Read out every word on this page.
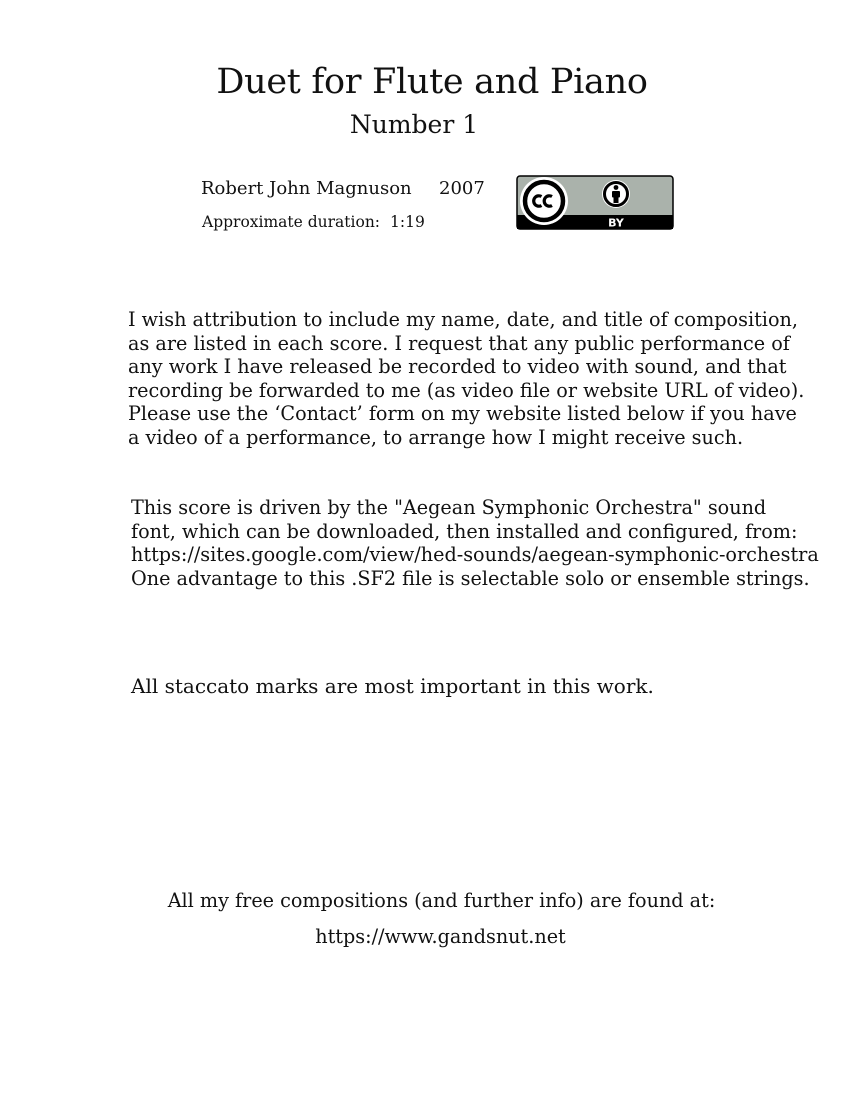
Duet for Flute and Piano
Number 1
Robert John Magnuson 2007
Approximate duration: 1:19	BY
I wish attribution to include my name, date, and title of composition,
as are listed in each score. I request that any public performance of
any work I have released be recorded to video with sound, and that
recording be forwarded to me (as video file or website URL of video).
Please use the ‘Contact’ form on my website listed below if you have
a video of a performance, to arrange how I might receive such.
This score is driven by the "Aegean Symphonic Orchestra" sound
font, which can be downloaded, then installed and configured, from:
https://sites.google.com/view/hed-sounds/aegean-symphonic-orchestra
One advantage to this .SF2 file is selectable solo or ensemble strings.
All staccato marks are most important in this work.
All my free compositions (and further info) are found at:
https://www.gandsnut.net
